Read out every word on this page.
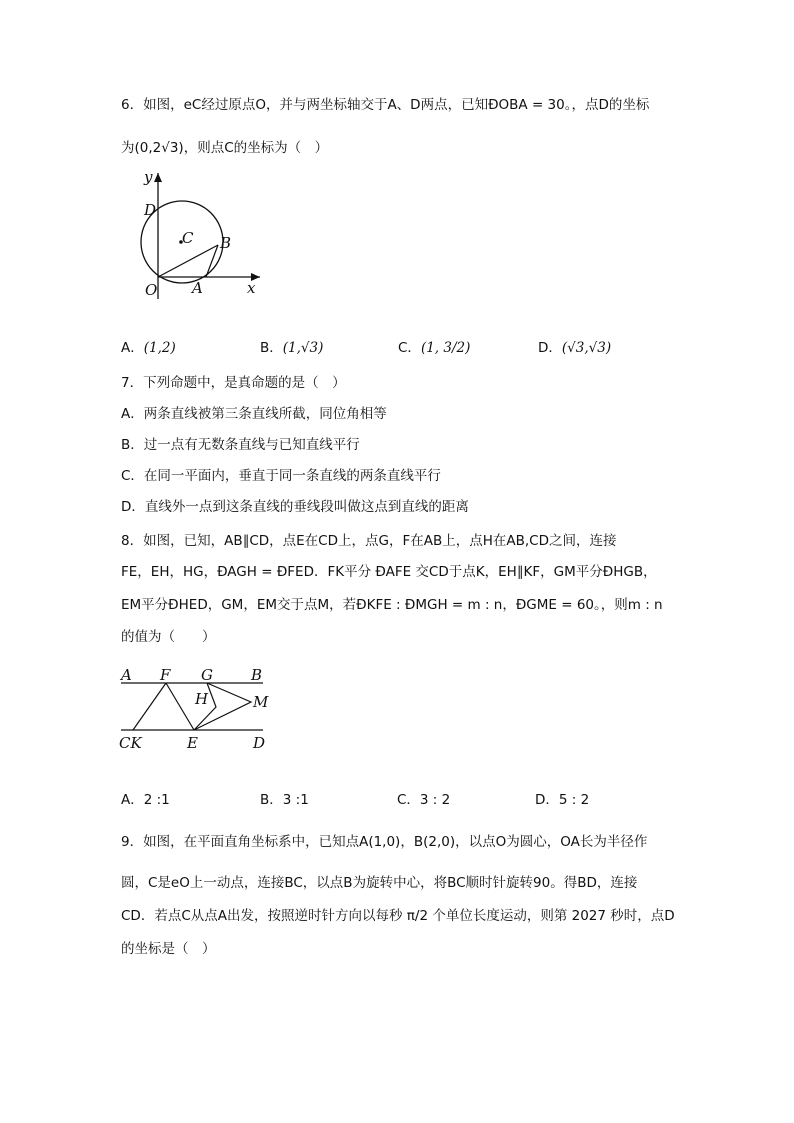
6．如图，eC经过原点O，并与两坐标轴交于A、D两点，已知ÐOBA = 30。，点D的坐标
为(0,2√3)，则点C的坐标为（　）
y
D
C B
O A	x
A．(1,2)	B．(1,√3)	C．(1, 3/2)	D．(√3,√3)
7．下列命题中，是真命题的是（　）
A．两条直线被第三条直线所截，同位角相等
B．过一点有无数条直线与已知直线平行
C．在同一平面内，垂直于同一条直线的两条直线平行
D．直线外一点到这条直线的垂线段叫做这点到直线的距离
8．如图，已知，AB∥CD，点E在CD上，点G，F在AB上，点H在AB,CD之间，连接
FE，EH，HG，ÐAGH = ÐFED．FK平分 ÐAFE 交CD于点K，EH∥KF，GM平分ÐHGB，
EM平分ÐHED，GM，EM交于点M，若ÐKFE : ÐMGH = m : n，ÐGME = 60。，则m : n
的值为（　　）
A F G	B
H	M
CK	E	D
A．2 :1	B．3 :1	C．3 : 2	D．5 : 2
9．如图，在平面直角坐标系中，已知点A(1,0)，B(2,0)，以点O为圆心，OA长为半径作
圆，C是eO上一动点，连接BC，以点B为旋转中心，将BC顺时针旋转90。得BD，连接
CD．若点C从点A出发，按照逆时针方向以每秒 π/2 个单位长度运动，则第 2027 秒时，点D
的坐标是（　）
